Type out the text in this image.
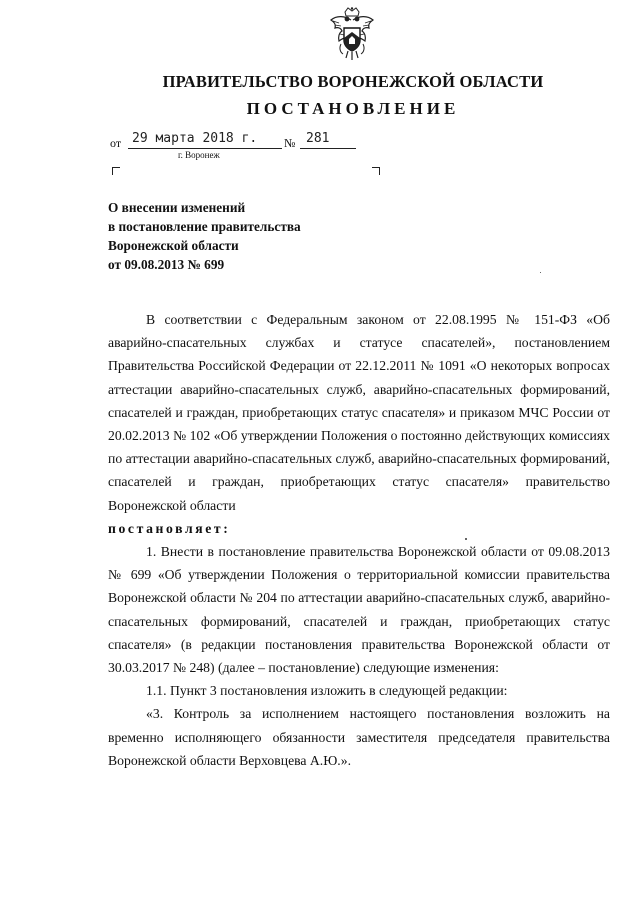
ПРАВИТЕЛЬСТВО ВОРОНЕЖСКОЙ ОБЛАСТИ
ПОСТАНОВЛЕНИЕ
от 29 марта 2018 г. № 281
г. Воронеж
О внесении изменений
в постановление правительства
Воронежской области
от 09.08.2013 № 699

В соответствии с Федеральным законом от 22.08.1995 № 151-ФЗ «Об аварийно-спасательных службах и статусе спасателей», постановлением Правительства Российской Федерации от 22.12.2011 № 1091 «О некоторых вопросах аттестации аварийно-спасательных служб, аварийно-спасательных формирований, спасателей и граждан, приобретающих статус спасателя» и приказом МЧС России от 20.02.2013 № 102 «Об утверждении Положения о постоянно действующих комиссиях по аттестации аварийно-спасательных служб, аварийно-спасательных формирований, спасателей и граждан, приобретающих статус спасателя» правительство Воронежской области

постановляет:

1. Внести в постановление правительства Воронежской области от 09.08.2013 № 699 «Об утверждении Положения о территориальной комиссии правительства Воронежской области № 204 по аттестации аварийно-спасательных служб, аварийно-спасательных формирований, спасателей и граждан, приобретающих статус спасателя» (в редакции постановления правительства Воронежской области от 30.03.2017 № 248) (далее – постановление) следующие изменения:

1.1. Пункт 3 постановления изложить в следующей редакции:

«3. Контроль за исполнением настоящего постановления возложить на временно исполняющего обязанности заместителя председателя правительства Воронежской области Верховцева А.Ю.».
